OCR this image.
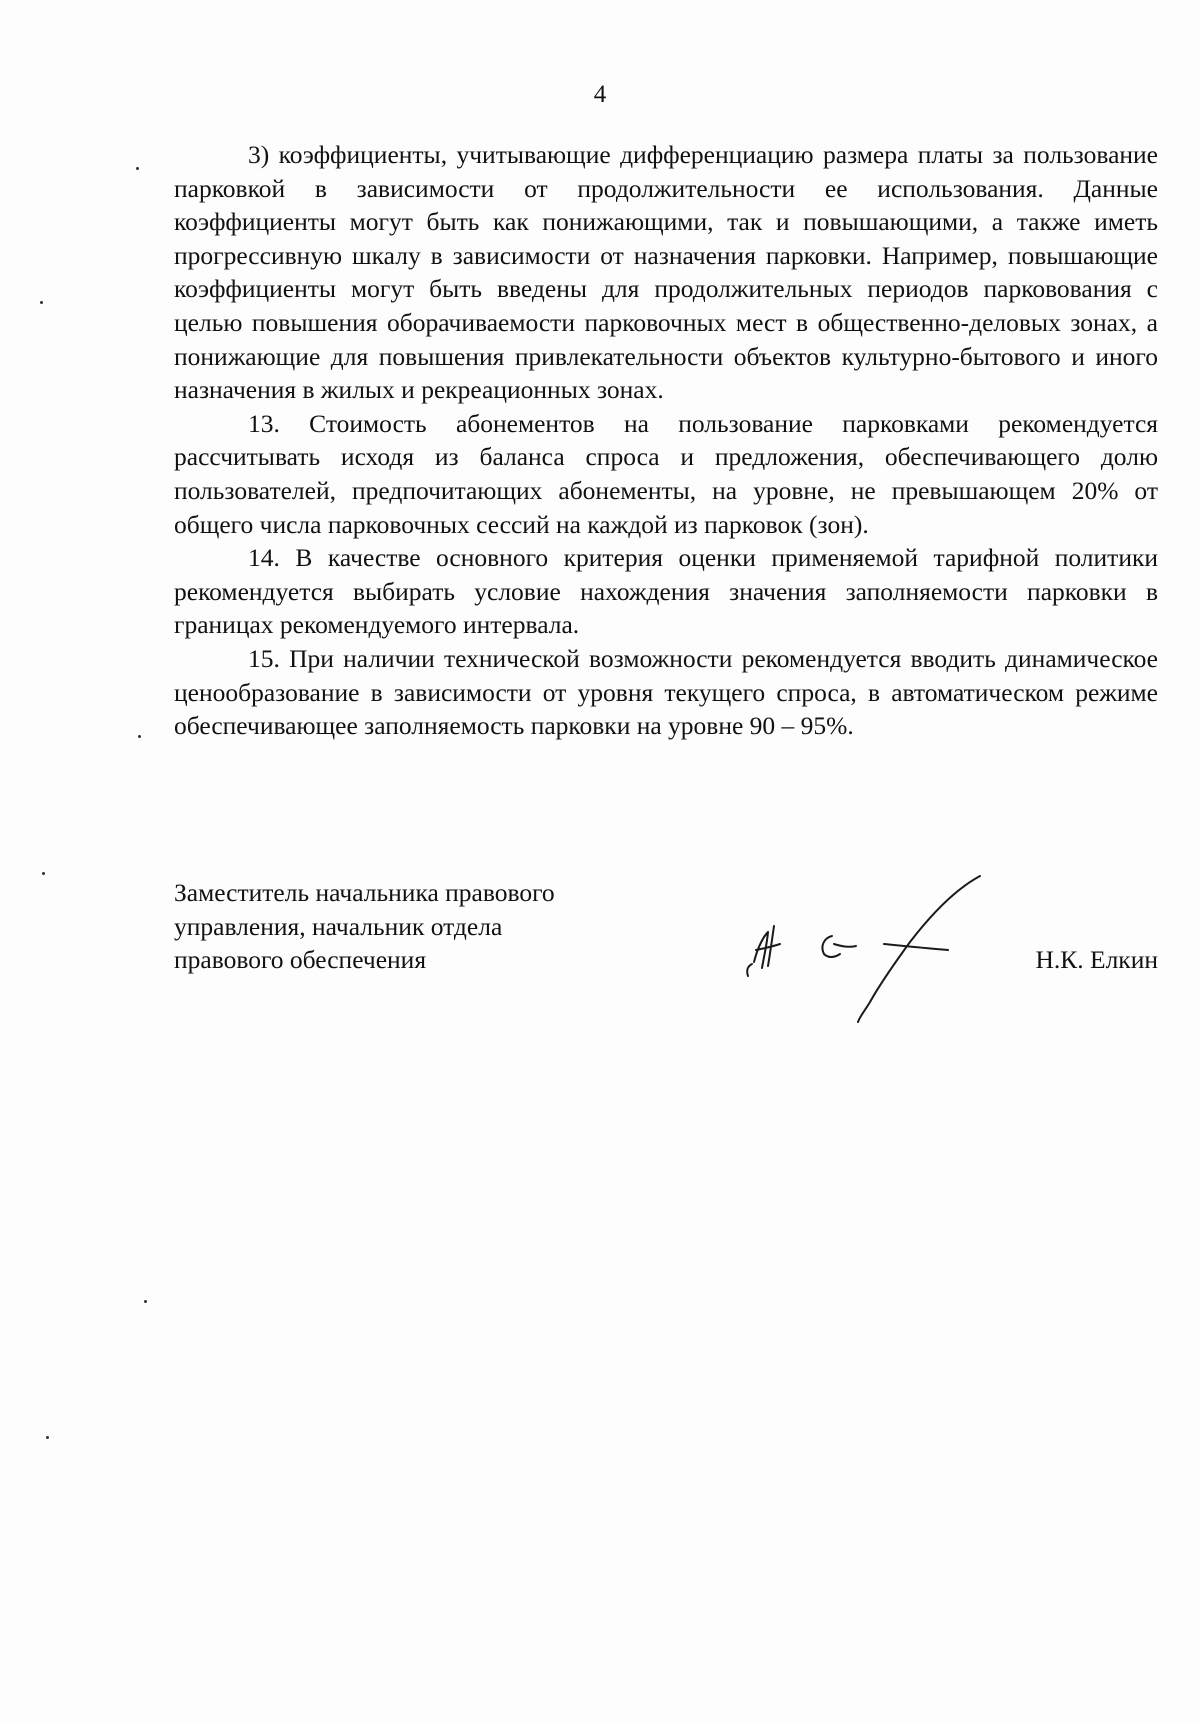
4

3) коэффициенты, учитывающие дифференциацию размера платы за пользование парковкой в зависимости от продолжительности ее использования. Данные коэффициенты могут быть как понижающими, так и повышающими, а также иметь прогрессивную шкалу в зависимости от назначения парковки. Например, повышающие коэффициенты могут быть введены для продолжительных периодов парковования с целью повышения оборачиваемости парковочных мест в общественно-деловых зонах, а понижающие для повышения привлекательности объектов культурно-бытового и иного назначения в жилых и рекреационных зонах.

13. Стоимость абонементов на пользование парковками рекомендуется рассчитывать исходя из баланса спроса и предложения, обеспечивающего долю пользователей, предпочитающих абонементы, на уровне, не превышающем 20% от общего числа парковочных сессий на каждой из парковок (зон).

14. В качестве основного критерия оценки применяемой тарифной политики рекомендуется выбирать условие нахождения значения заполняемости парковки в границах рекомендуемого интервала.

15. При наличии технической возможности рекомендуется вводить динамическое ценообразование в зависимости от уровня текущего спроса, в автоматическом режиме обеспечивающее заполняемость парковки на уровне 90 – 95%.

Заместитель начальника правового
управления, начальник отдела
правового обеспечения	Н.К. Елкин
